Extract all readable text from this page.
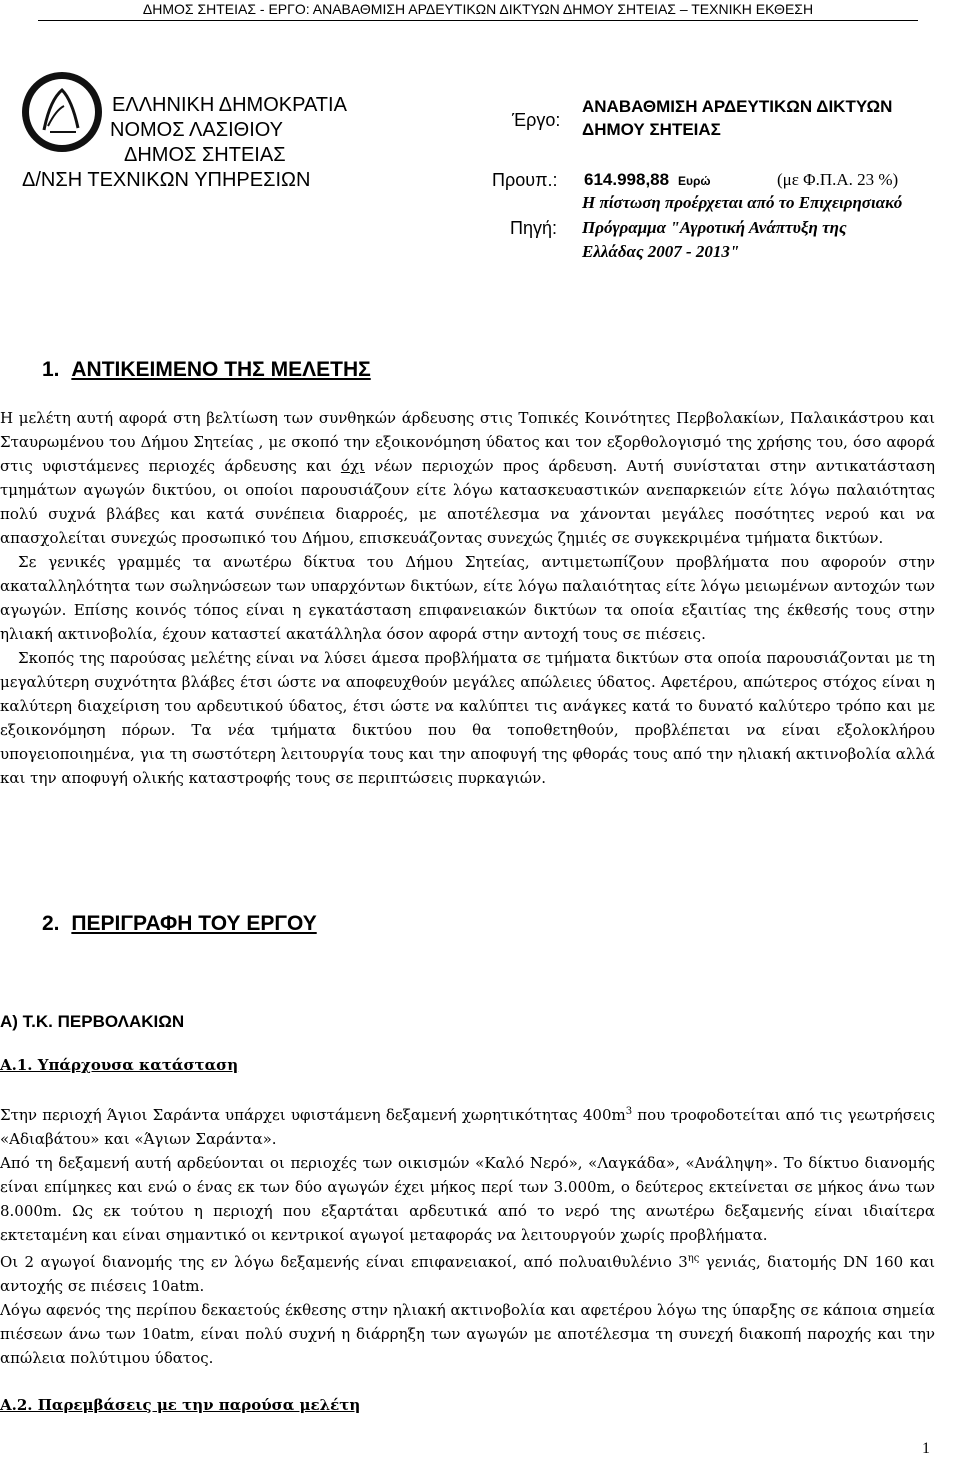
ΔΗΜΟΣ ΣΗΤΕΙΑΣ - ΕΡΓΟ: ΑΝΑΒΑΘΜΙΣΗ ΑΡΔΕΥΤΙΚΩΝ ΔΙΚΤΥΩΝ ΔΗΜΟΥ ΣΗΤΕΙΑΣ – ΤΕΧΝΙΚΗ ΕΚΘΕΣΗ
ΕΛΛΗΝΙΚΗ ΔΗΜΟΚΡΑΤΙΑ
ΝΟΜΟΣ ΛΑΣΙΘΙΟΥ
ΔΗΜΟΣ ΣΗΤΕΙΑΣ
Δ/ΝΣΗ ΤΕΧΝΙΚΩΝ ΥΠΗΡΕΣΙΩΝ
Έργο:
ΑΝΑΒΑΘΜΙΣΗ ΑΡΔΕΥΤΙΚΩΝ ΔΙΚΤΥΩΝ
ΔΗΜΟΥ ΣΗΤΕΙΑΣ
Προυπ.: 614.998,88 Ευρώ	(με Φ.Π.Α. 23 %)
Πηγή:
Η πίστωση προέρχεται από το Επιχειρησιακό
Πρόγραμμα "Αγροτική Ανάπτυξη της
Ελλάδας 2007 - 2013"
1. ΑΝΤΙΚΕΙΜΕΝΟ ΤΗΣ ΜΕΛΕΤΗΣ

Η μελέτη αυτή αφορά στη βελτίωση των συνθηκών άρδευσης στις Τοπικές Κοινότητες Περβολακίων, Παλαικάστρου και Σταυρωμένου του Δήμου Σητείας , με σκοπό την εξοικονόμηση ύδατος και τον εξορθολογισμό της χρήσης του, όσο αφορά στις υφιστάμενες περιοχές άρδευσης και όχι νέων περιοχών προς άρδευση. Αυτή συνίσταται στην αντικατάσταση τμημάτων αγωγών δικτύου, οι οποίοι παρουσιάζουν είτε λόγω κατασκευαστικών ανεπαρκειών είτε λόγω παλαιότητας πολύ συχνά βλάβες και κατά συνέπεια διαρροές, με αποτέλεσμα να χάνονται μεγάλες ποσότητες νερού και να απασχολείται συνεχώς προσωπικό του Δήμου, επισκευάζοντας συνεχώς ζημιές σε συγκεκριμένα τμήματα δικτύων.

Σε γενικές γραμμές τα ανωτέρω δίκτυα του Δήμου Σητείας, αντιμετωπίζουν προβλήματα που αφορούν στην ακαταλληλότητα των σωληνώσεων των υπαρχόντων δικτύων, είτε λόγω παλαιότητας είτε λόγω μειωμένων αντοχών των αγωγών. Επίσης κοινός τόπος είναι η εγκατάσταση επιφανειακών δικτύων τα οποία εξαιτίας της έκθεσής τους στην ηλιακή ακτινοβολία, έχουν καταστεί ακατάλληλα όσον αφορά στην αντοχή τους σε πιέσεις.

Σκοπός της παρούσας μελέτης είναι να λύσει άμεσα προβλήματα σε τμήματα δικτύων στα οποία παρουσιάζονται με τη μεγαλύτερη συχνότητα βλάβες έτσι ώστε να αποφευχθούν μεγάλες απώλειες ύδατος. Αφετέρου, απώτερος στόχος είναι η καλύτερη διαχείριση του αρδευτικού ύδατος, έτσι ώστε να καλύπτει τις ανάγκες κατά το δυνατό καλύτερο τρόπο και με εξοικονόμηση πόρων. Τα νέα τμήματα δικτύου που θα τοποθετηθούν, προβλέπεται να είναι εξολοκλήρου υπογειοποιημένα, για τη σωστότερη λειτουργία τους και την αποφυγή της φθοράς τους από την ηλιακή ακτινοβολία αλλά και την αποφυγή ολικής καταστροφής τους σε περιπτώσεις πυρκαγιών.

2. ΠΕΡΙΓΡΑΦΗ ΤΟΥ ΕΡΓΟΥ
Α) Τ.Κ. ΠΕΡΒΟΛΑΚΙΩΝ
Α.1. Υπάρχουσα κατάσταση

Στην περιοχή Άγιοι Σαράντα υπάρχει υφιστάμενη δεξαμενή χωρητικότητας $400m^3$ που τροφοδοτείται από τις γεωτρήσεις «Αδιαβάτου» και «Άγιων Σαράντα».

Από τη δεξαμενή αυτή αρδεύονται οι περιοχές των οικισμών «Καλό Νερό», «Λαγκάδα», «Ανάληψη». Το δίκτυο διανομής είναι επίμηκες και ενώ ο ένας εκ των δύο αγωγών έχει μήκος περί των 3.000m, ο δεύτερος εκτείνεται σε μήκος άνω των 8.000m. Ως εκ τούτου η περιοχή που εξαρτάται αρδευτικά από το νερό της ανωτέρω δεξαμενής είναι ιδιαίτερα εκτεταμένη και είναι σημαντικό οι κεντρικοί αγωγοί μεταφοράς να λειτουργούν χωρίς προβλήματα.

Οι 2 αγωγοί διανομής της εν λόγω δεξαμενής είναι επιφανειακοί, από πολυαιθυλένιο $3^{\eta\varsigma}$ γενιάς, διατομής DN 160 και αντοχής σε πιέσεις 10atm.

Λόγω αφενός της περίπου δεκαετούς έκθεσης στην ηλιακή ακτινοβολία και αφετέρου λόγω της ύπαρξης σε κάποια σημεία πιέσεων άνω των 10atm, είναι πολύ συχνή η διάρρηξη των αγωγών με αποτέλεσμα τη συνεχή διακοπή παροχής και την απώλεια πολύτιμου ύδατος.

Α.2. Παρεμβάσεις με την παρούσα μελέτη
1
